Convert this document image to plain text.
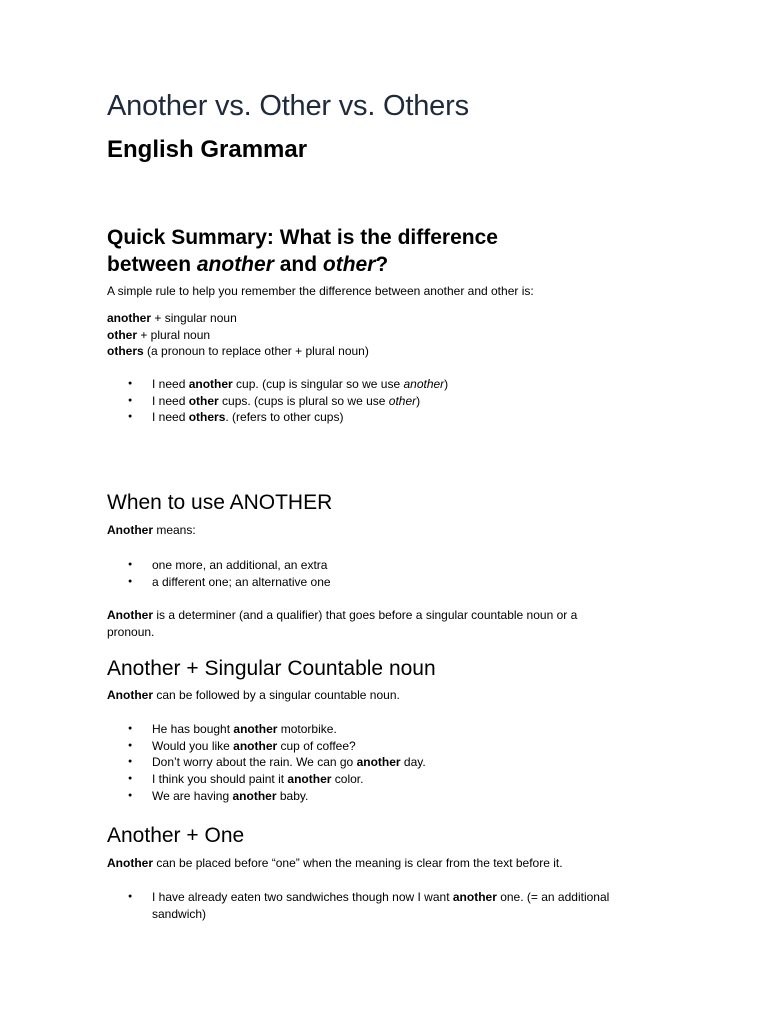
Another vs. Other vs. Others
English Grammar
Quick Summary: What is the difference
between another and other?

A simple rule to help you remember the difference between another and other is:

another + singular noun
other + plural noun
others (a pronoun to replace other + plural noun)

● I need another cup. (cup is singular so we use another)
● I need other cups. (cups is plural so we use other)
● I need others. (refers to other cups)
When to use ANOTHER

Another means:

● one more, an additional, an extra
● a different one; an alternative one

Another is a determiner (and a qualifier) that goes before a singular countable noun or a
pronoun.

Another + Singular Countable noun

Another can be followed by a singular countable noun.

● He has bought another motorbike.
● Would you like another cup of coffee?
● Don’t worry about the rain. We can go another day.
● I think you should paint it another color.
● We are having another baby.
Another + One

Another can be placed before “one” when the meaning is clear from the text before it.

● I have already eaten two sandwiches though now I want another one. (= an additional
sandwich)
